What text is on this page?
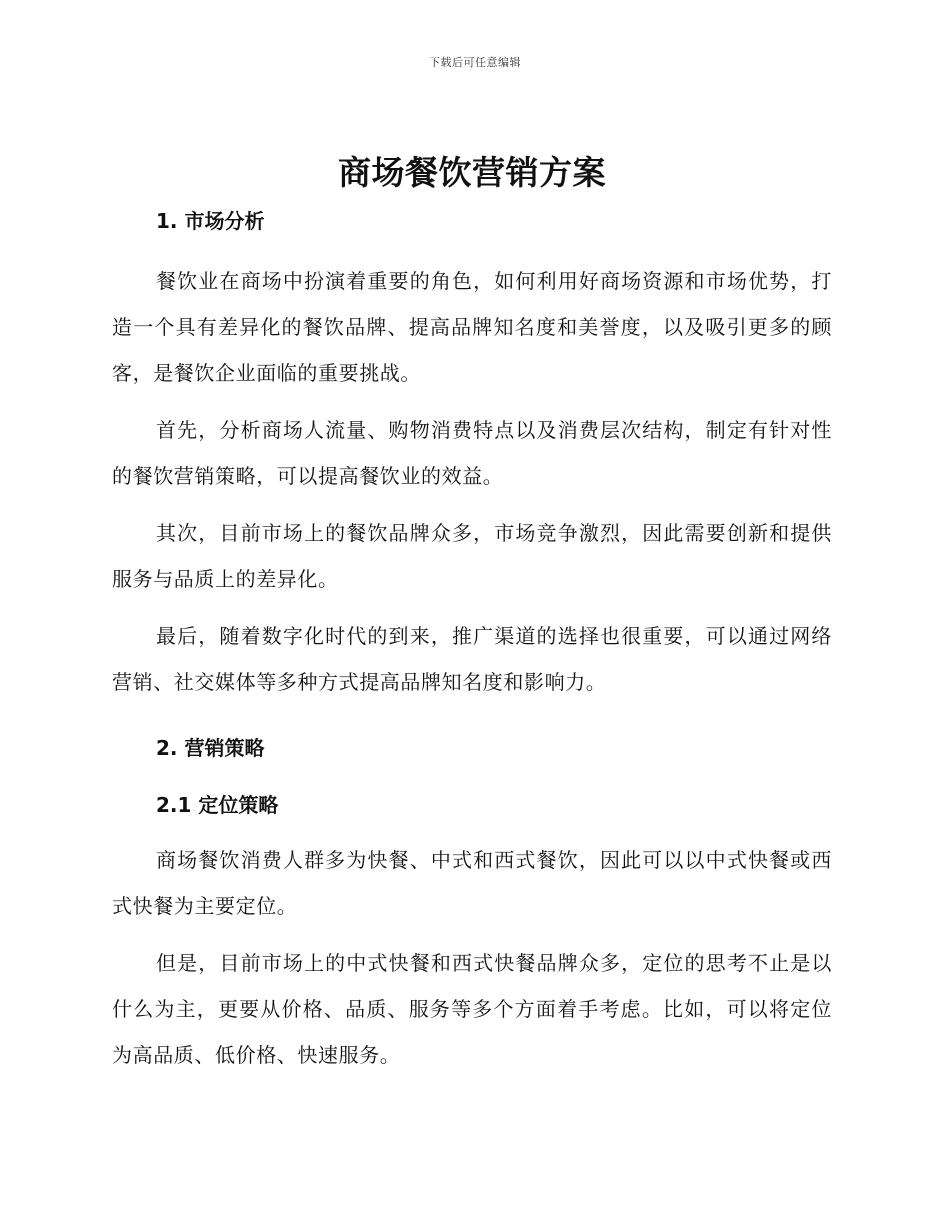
下载后可任意编辑
商场餐饮营销方案
1. 市场分析

餐饮业在商场中扮演着重要的角色，如何利用好商场资源和市场优势，打造一个具有差异化的餐饮品牌、提高品牌知名度和美誉度，以及吸引更多的顾客，是餐饮企业面临的重要挑战。

首先，分析商场人流量、购物消费特点以及消费层次结构，制定有针对性的餐饮营销策略，可以提高餐饮业的效益。

其次，目前市场上的餐饮品牌众多，市场竞争激烈，因此需要创新和提供服务与品质上的差异化。

最后，随着数字化时代的到来，推广渠道的选择也很重要，可以通过网络营销、社交媒体等多种方式提高品牌知名度和影响力。

2. 营销策略
2.1 定位策略

商场餐饮消费人群多为快餐、中式和西式餐饮，因此可以以中式快餐或西式快餐为主要定位。

但是，目前市场上的中式快餐和西式快餐品牌众多，定位的思考不止是以什么为主，更要从价格、品质、服务等多个方面着手考虑。比如，可以将定位为高品质、低价格、快速服务。
